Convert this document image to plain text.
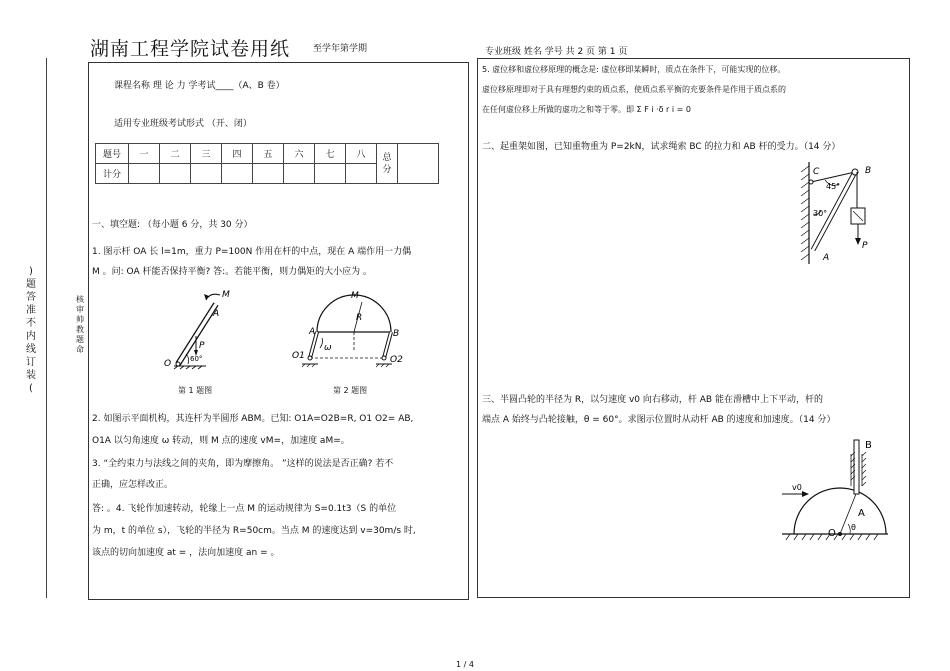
湖南工程学院试卷用纸	至学年第学期	专业班级 姓名 学号 共 2 页 第 1 页
)题答准不内线订装(
核审帅教题命
课程名称 理 论 力 学考试____（A、B 卷）
适用专业班级考试形式 （开、闭）
题号	一	二	三	四	五	六	七	八	总分	
计分										
一、填空题: （每小题 6 分，共 30 分）
1. 图示杆 OA 长 l=1m，重力 P=100N 作用在杆的中点，现在 A 端作用一力偶
M 。问: OA 杆能否保持平衡? 答:。若能平衡，则力偶矩的大小应为 。
M
A
O
P
60°
M
R
A	B
O1	O2
ω
第 1 题图	第 2 题图
2. 如图示平面机构，其连杆为半圆形 ABM。已知: O1A=O2B=R, O1 O2= AB,
O1A 以匀角速度 ω 转动，则 M 点的速度 vM=，加速度 aM=。
3. “全约束力与法线之间的夹角，即为摩擦角。 ”这样的说法是否正确? 若不
正确，应怎样改正。
答: 。4. 飞轮作加速转动，轮缘上一点 M 的运动规律为 S=0.1t3（S 的单位
为 m，t 的单位 s），飞轮的半径为 R=50cm。当点 M 的速度达到 v=30m/s 时,
该点的切向加速度 at = ，法向加速度 an = 。
5. 虚位移和虚位移原理的概念是: 虚位移即某瞬时，质点在条件下，可能实现的位移。
虚位移原理即对于具有理想约束的质点系，使质点系平衡的充要条件是作用于质点系的
在任何虚位移上所做的虚功之和等于零。即 Σ F i ·δ r i = 0
二、起重架如图，已知重物重为 P=2kN，试求绳索 BC 的拉力和 AB 杆的受力。（14 分）
C	B
A
P
45°
30°
三、半圆凸轮的半径为 R，以匀速度 v0 向右移动，杆 AB 能在滑槽中上下平动，杆的
端点 A 始终与凸轮接触，θ = 60°。求图示位置时从动杆 AB 的速度和加速度。（14 分）
B
A
O
v0
θ
1 / 4
